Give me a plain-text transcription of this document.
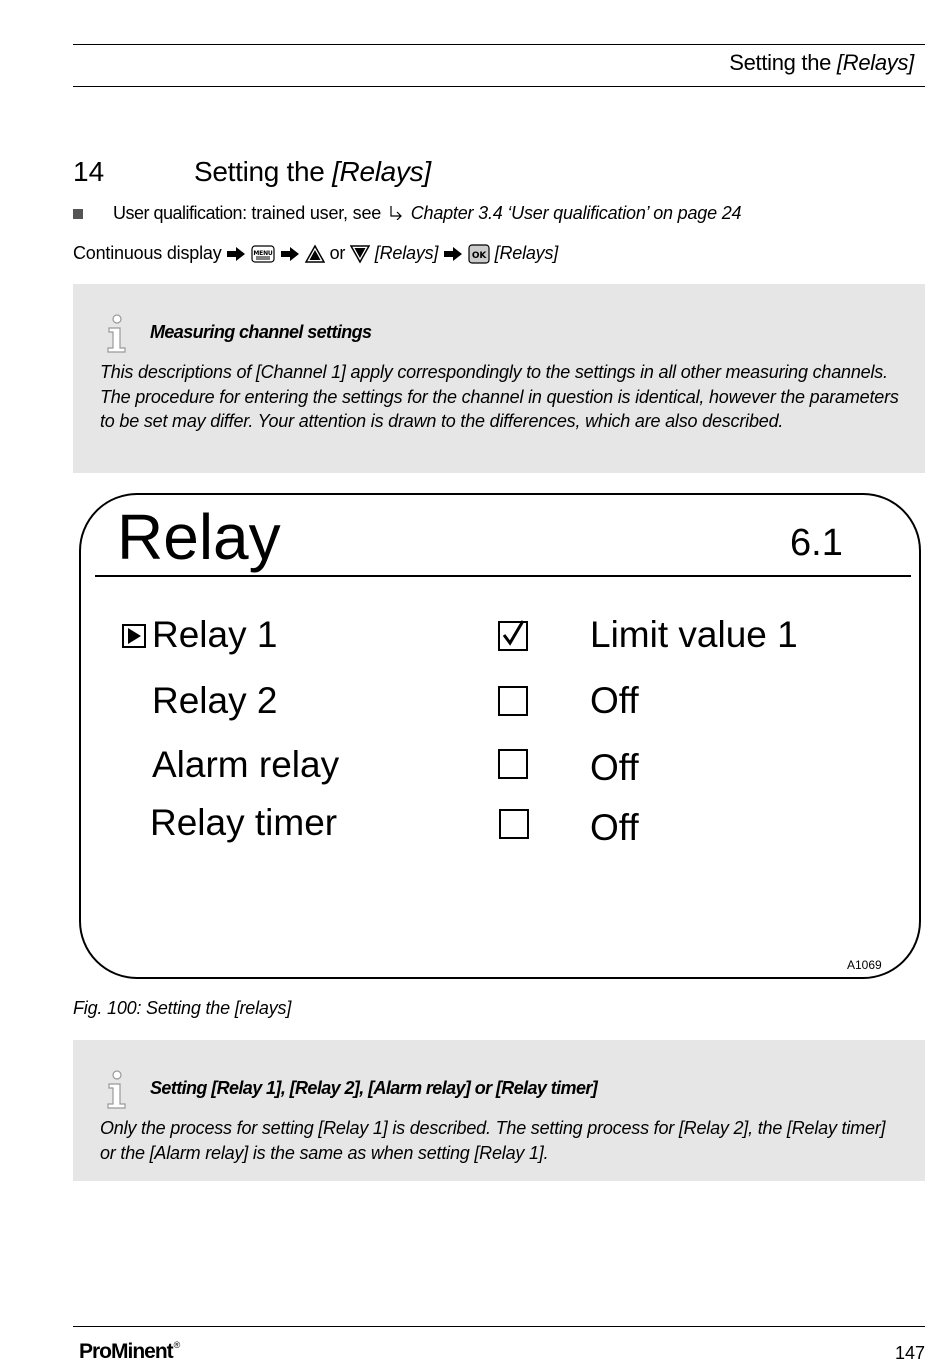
Setting the [Relays]
14	Setting the [Relays]
User qualification: trained user, see Chapter 3.4 ‘User qualification’ on page 24
Continuous display	MENU	or [Relays]	OK [Relays]
Measuring channel settings
This descriptions of [Channel 1] apply correspondingly to the settings in all other measuring channels. The procedure for entering the settings for the channel in question is identical, however the parameters to be set may differ. Your attention is drawn to the differences, which are also described.
Relay	6.1
Relay 1	Limit value 1
Relay 2	Off
Alarm relay	Off
Relay timer	Off
A1069
Fig. 100: Setting the [relays]
Setting [Relay 1], [Relay 2], [Alarm relay] or [Relay timer]
Only the process for setting [Relay 1] is described. The setting process for [Relay 2], the [Relay timer] or the [Alarm relay] is the same as when setting [Relay 1].
ProMinent®	147
